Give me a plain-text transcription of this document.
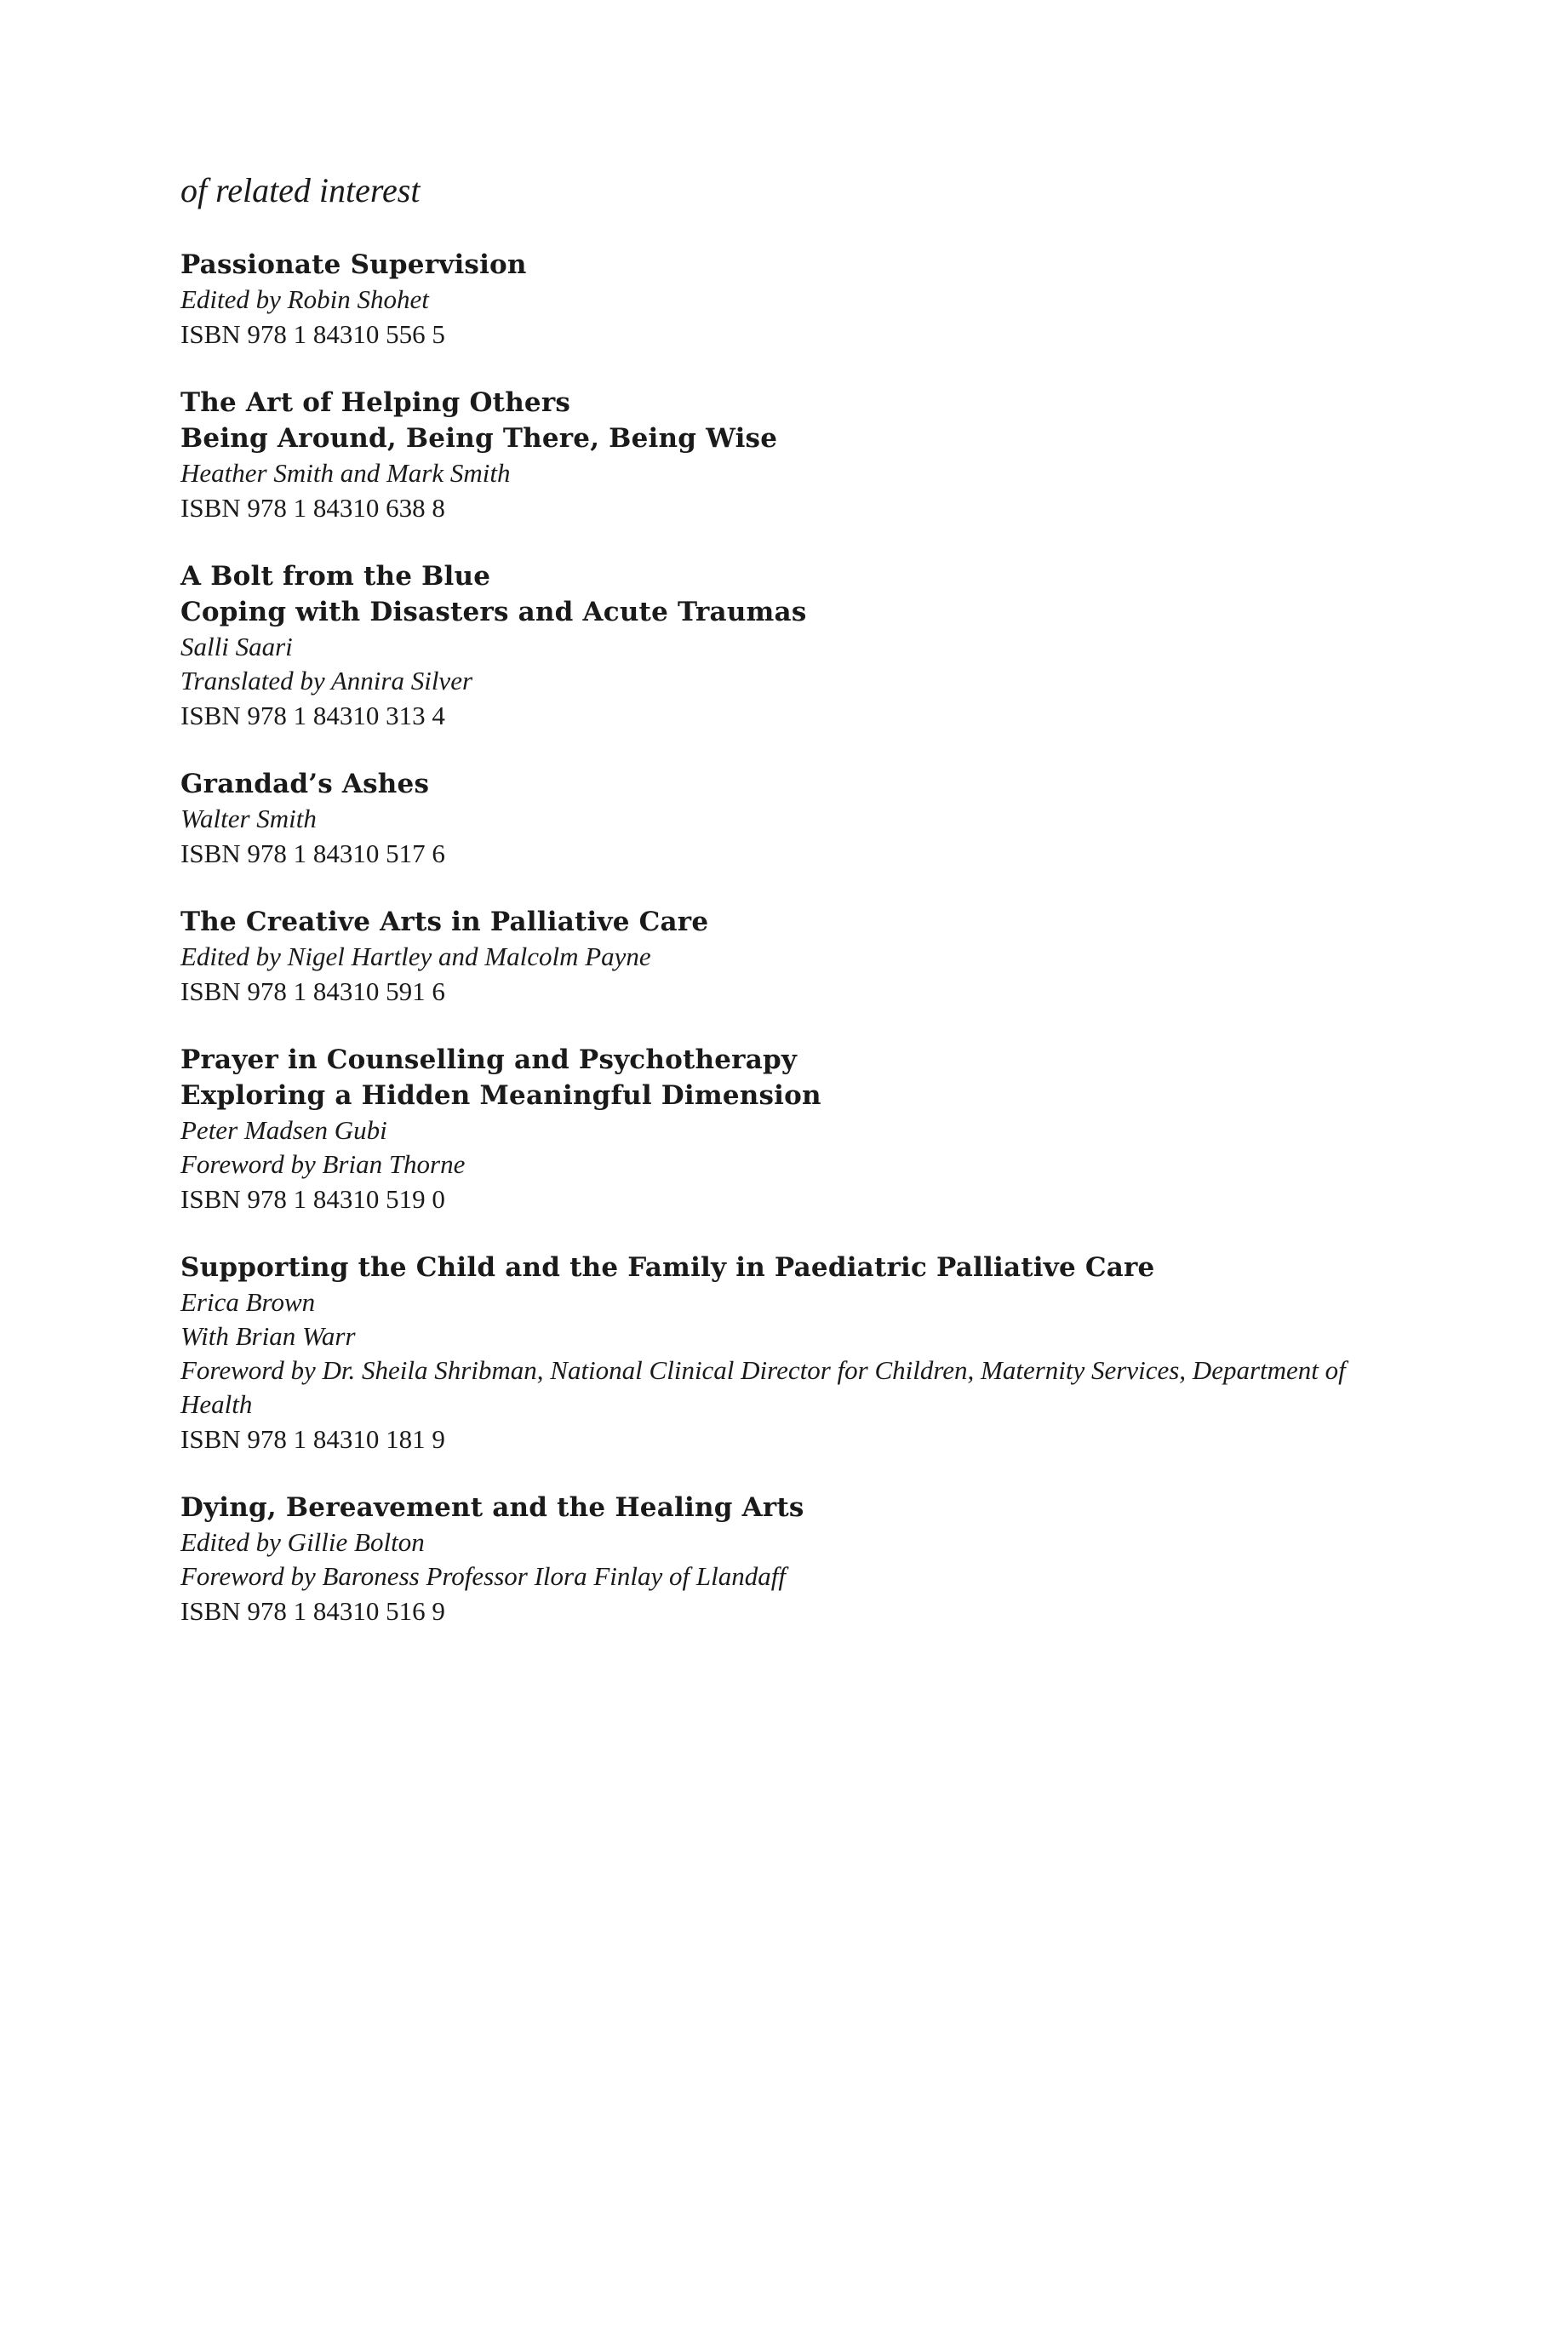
of related interest
Passionate Supervision
Edited by Robin Shohet
ISBN 978 1 84310 556 5
The Art of Helping Others
Being Around, Being There, Being Wise
Heather Smith and Mark Smith
ISBN 978 1 84310 638 8
A Bolt from the Blue
Coping with Disasters and Acute Traumas
Salli Saari
Translated by Annira Silver
ISBN 978 1 84310 313 4
Grandad’s Ashes
Walter Smith
ISBN 978 1 84310 517 6
The Creative Arts in Palliative Care
Edited by Nigel Hartley and Malcolm Payne
ISBN 978 1 84310 591 6
Prayer in Counselling and Psychotherapy
Exploring a Hidden Meaningful Dimension
Peter Madsen Gubi
Foreword by Brian Thorne
ISBN 978 1 84310 519 0
Supporting the Child and the Family in Paediatric Palliative Care
Erica Brown
With Brian Warr
Foreword by Dr. Sheila Shribman, National Clinical Director for Children, Maternity Services, Department of Health
ISBN 978 1 84310 181 9
Dying, Bereavement and the Healing Arts
Edited by Gillie Bolton
Foreword by Baroness Professor Ilora Finlay of Llandaff
ISBN 978 1 84310 516 9
